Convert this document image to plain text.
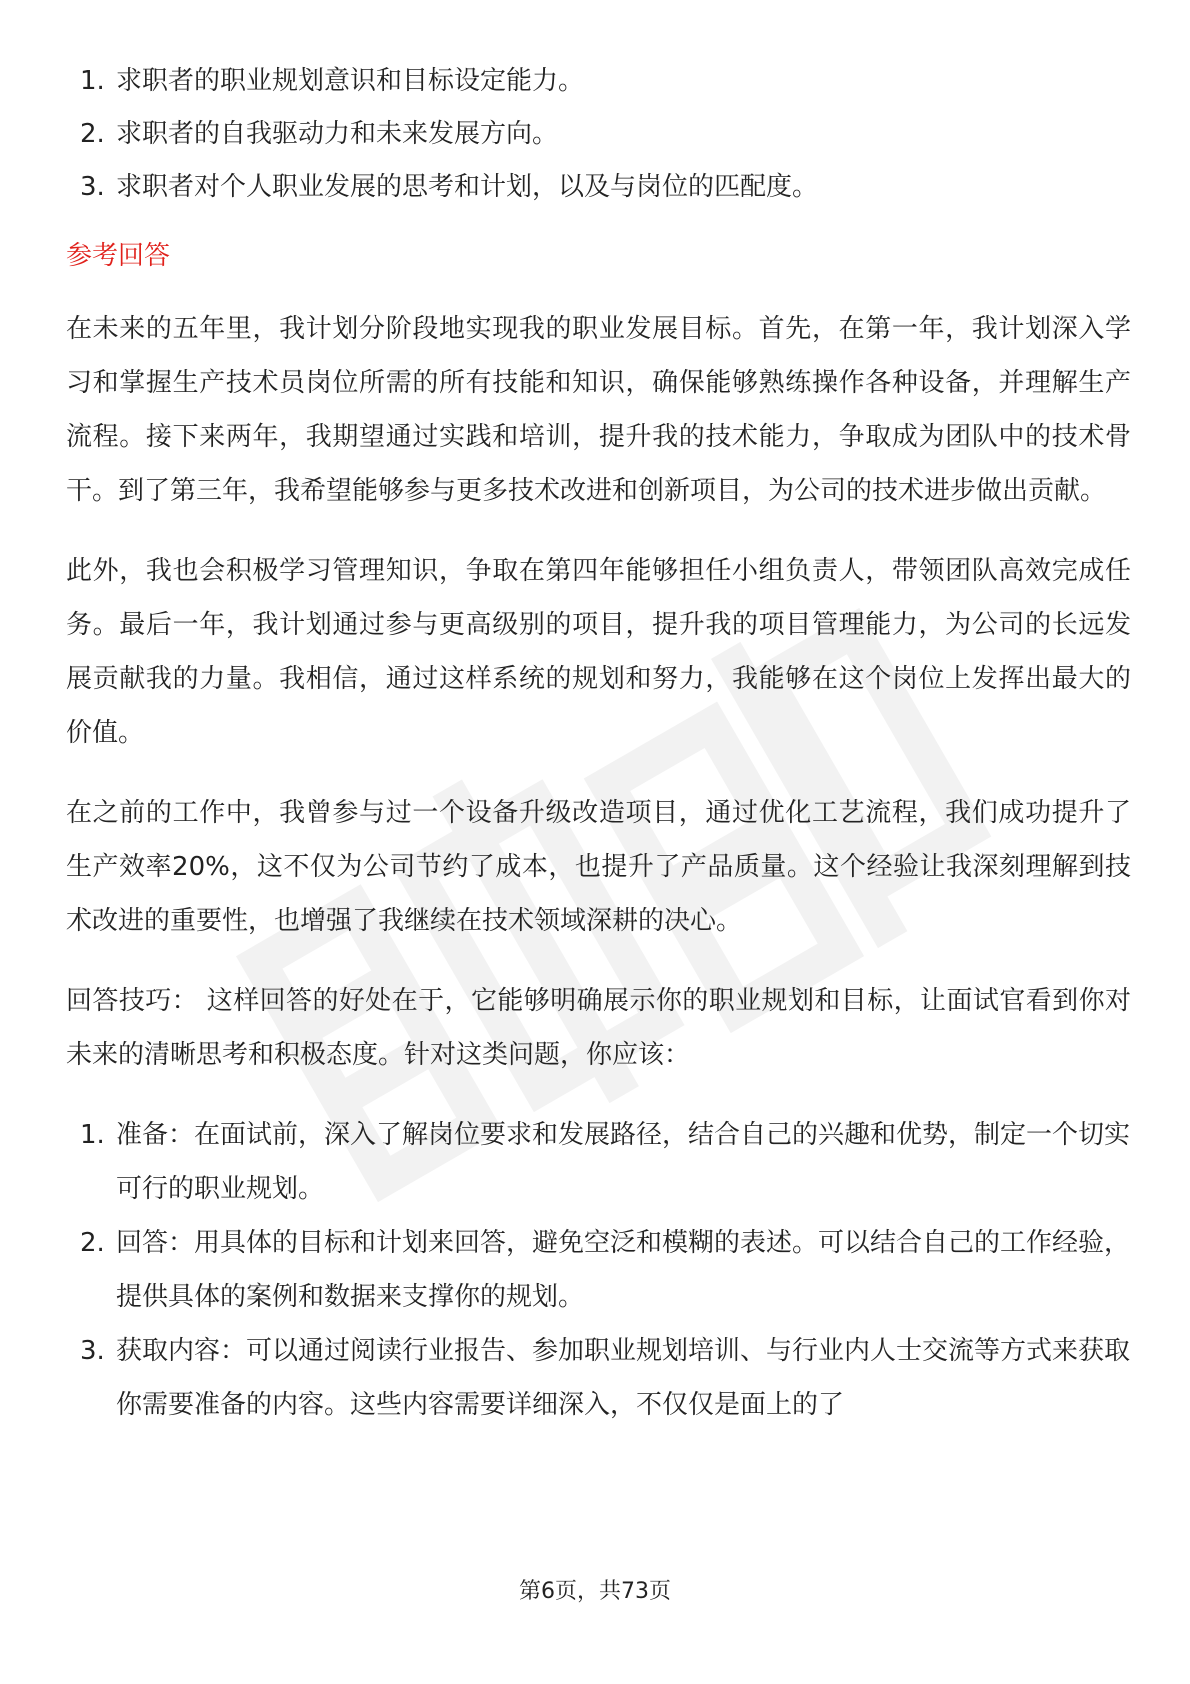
1. 求职者的职业规划意识和目标设定能力。
2. 求职者的自我驱动力和未来发展方向。
3. 求职者对个人职业发展的思考和计划，以及与岗位的匹配度。
参考回答

在未来的五年里，我计划分阶段地实现我的职业发展目标。首先，在第一年，我计划深入学习和掌握生产技术员岗位所需的所有技能和知识，确保能够熟练操作各种设备，并理解生产流程。接下来两年，我期望通过实践和培训，提升我的技术能力，争取成为团队中的技术骨干。到了第三年，我希望能够参与更多技术改进和创新项目，为公司的技术进步做出贡献。

此外，我也会积极学习管理知识，争取在第四年能够担任小组负责人，带领团队高效完成任务。最后一年，我计划通过参与更高级别的项目，提升我的项目管理能力，为公司的长远发展贡献我的力量。我相信，通过这样系统的规划和努力，我能够在这个岗位上发挥出最大的价值。

在之前的工作中，我曾参与过一个设备升级改造项目，通过优化工艺流程，我们成功提升了生产效率20%，这不仅为公司节约了成本，也提升了产品质量。这个经验让我深刻理解到技术改进的重要性，也增强了我继续在技术领域深耕的决心。

回答技巧： 这样回答的好处在于，它能够明确展示你的职业规划和目标，让面试官看到你对未来的清晰思考和积极态度。针对这类问题，你应该：

1. 准备：在面试前，深入了解岗位要求和发展路径，结合自己的兴趣和优势，制定一个切实可行的职业规划。
2. 回答：用具体的目标和计划来回答，避免空泛和模糊的表述。可以结合自己的工作经验，提供具体的案例和数据来支撑你的规划。
3. 获取内容：可以通过阅读行业报告、参加职业规划培训、与行业内人士交流等方式来获取你需要准备的内容。这些内容需要详细深入，不仅仅是面上的了
第6页，共73页
